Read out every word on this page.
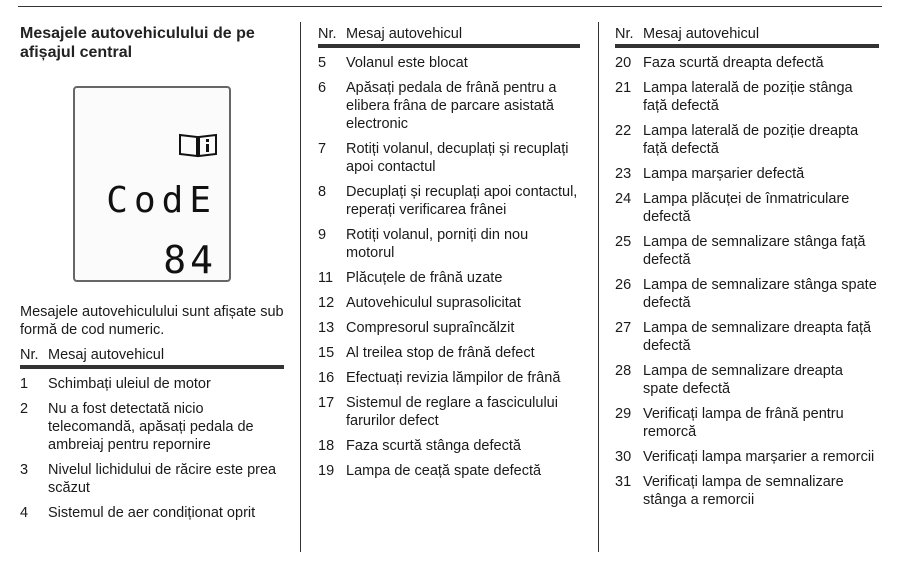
Mesajele autovehiculului de pe afișajul central
CodE
84
Mesajele autovehiculului sunt afișate sub formă de cod numeric.
Nr. Mesaj autovehicul
1	Schimbați uleiul de motor
2	Nu a fost detectată nicio telecomandă, apăsați pedala de ambreiaj pentru repornire
3	Nivelul lichidului de răcire este prea scăzut
4	Sistemul de aer condiționat oprit
Nr. Mesaj autovehicul
5	Volanul este blocat
6	Apăsați pedala de frână pentru a elibera frâna de parcare asistată electronic
7	Rotiți volanul, decuplați și recuplați apoi contactul
8	Decuplați și recuplați apoi contactul, reperați verificarea frânei
9	Rotiți volanul, porniți din nou motorul
11 Plăcuțele de frână uzate
12 Autovehiculul suprasolicitat
13 Compresorul supraîncălzit
15 Al treilea stop de frână defect
16 Efectuați revizia lămpilor de frână
17 Sistemul de reglare a fasciculului farurilor defect
18 Faza scurtă stânga defectă
19 Lampa de ceață spate defectă
Nr. Mesaj autovehicul
20 Faza scurtă dreapta defectă
21 Lampa laterală de poziție stânga față defectă
22 Lampa laterală de poziție dreapta față defectă
23 Lampa marșarier defectă
24 Lampa plăcuței de înmatriculare defectă
25 Lampa de semnalizare stânga față defectă
26 Lampa de semnalizare stânga spate defectă
27 Lampa de semnalizare dreapta față defectă
28 Lampa de semnalizare dreapta spate defectă
29 Verificați lampa de frână pentru remorcă
30 Verificați lampa marșarier a remorcii
31 Verificați lampa de semnalizare stânga a remorcii
